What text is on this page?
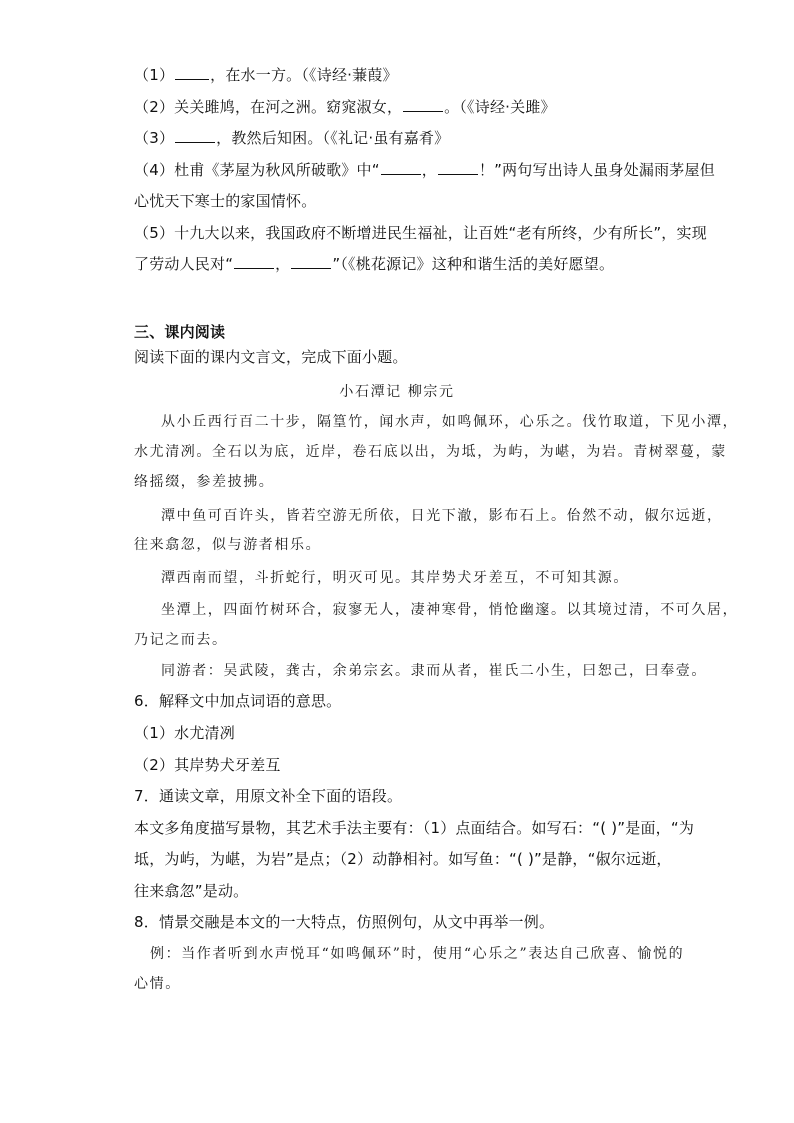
（1） ，在水一方。（《诗经·蒹葭》
（2）关关雎鸠，在河之洲。窈窕淑女，	。（《诗经·关雎》
（3）	，教然后知困。（《礼记·虽有嘉肴》
（4）杜甫《茅屋为秋风所破歌》中“	，	！”两句写出诗人虽身处漏雨茅屋但
心忧天下寒士的家国情怀。
（5）十九大以来，我国政府不断增进民生福祉，让百姓“老有所终，少有所长”，实现
了劳动人民对“	，	”（《桃花源记》这种和谐生活的美好愿望。
三、课内阅读
阅读下面的课内文言文，完成下面小题。
小石潭记 柳宗元
从小丘西行百二十步，隔篁竹，闻水声，如鸣佩环，心乐之。伐竹取道，下见小潭，
水尤清冽。全石以为底，近岸，卷石底以出，为坻，为屿，为嵁，为岩。青树翠蔓，蒙
络摇缀，参差披拂。
潭中鱼可百许头，皆若空游无所依，日光下澈，影布石上。佁然不动，俶尔远逝，
往来翕忽，似与游者相乐。
潭西南而望，斗折蛇行，明灭可见。其岸势犬牙差互，不可知其源。
坐潭上，四面竹树环合，寂寥无人，凄神寒骨，悄怆幽邃。以其境过清，不可久居，
乃记之而去。
同游者：吴武陵，龚古，余弟宗玄。隶而从者，崔氏二小生，曰恕己，曰奉壹。
6．解释文中加点词语的意思。
（1）水尤清冽
（2）其岸势犬牙差互
7．通读文章，用原文补全下面的语段。
本文多角度描写景物，其艺术手法主要有：（1）点面结合。如写石：“( )”是面，“为
坻，为屿，为嵁，为岩”是点；（2）动静相衬。如写鱼：“( )”是静，“俶尔远逝，
往来翕忽”是动。
8．情景交融是本文的一大特点，仿照例句，从文中再举一例。
例：当作者听到水声悦耳“如鸣佩环”时，使用“心乐之”表达自己欣喜、愉悦的
心情。
